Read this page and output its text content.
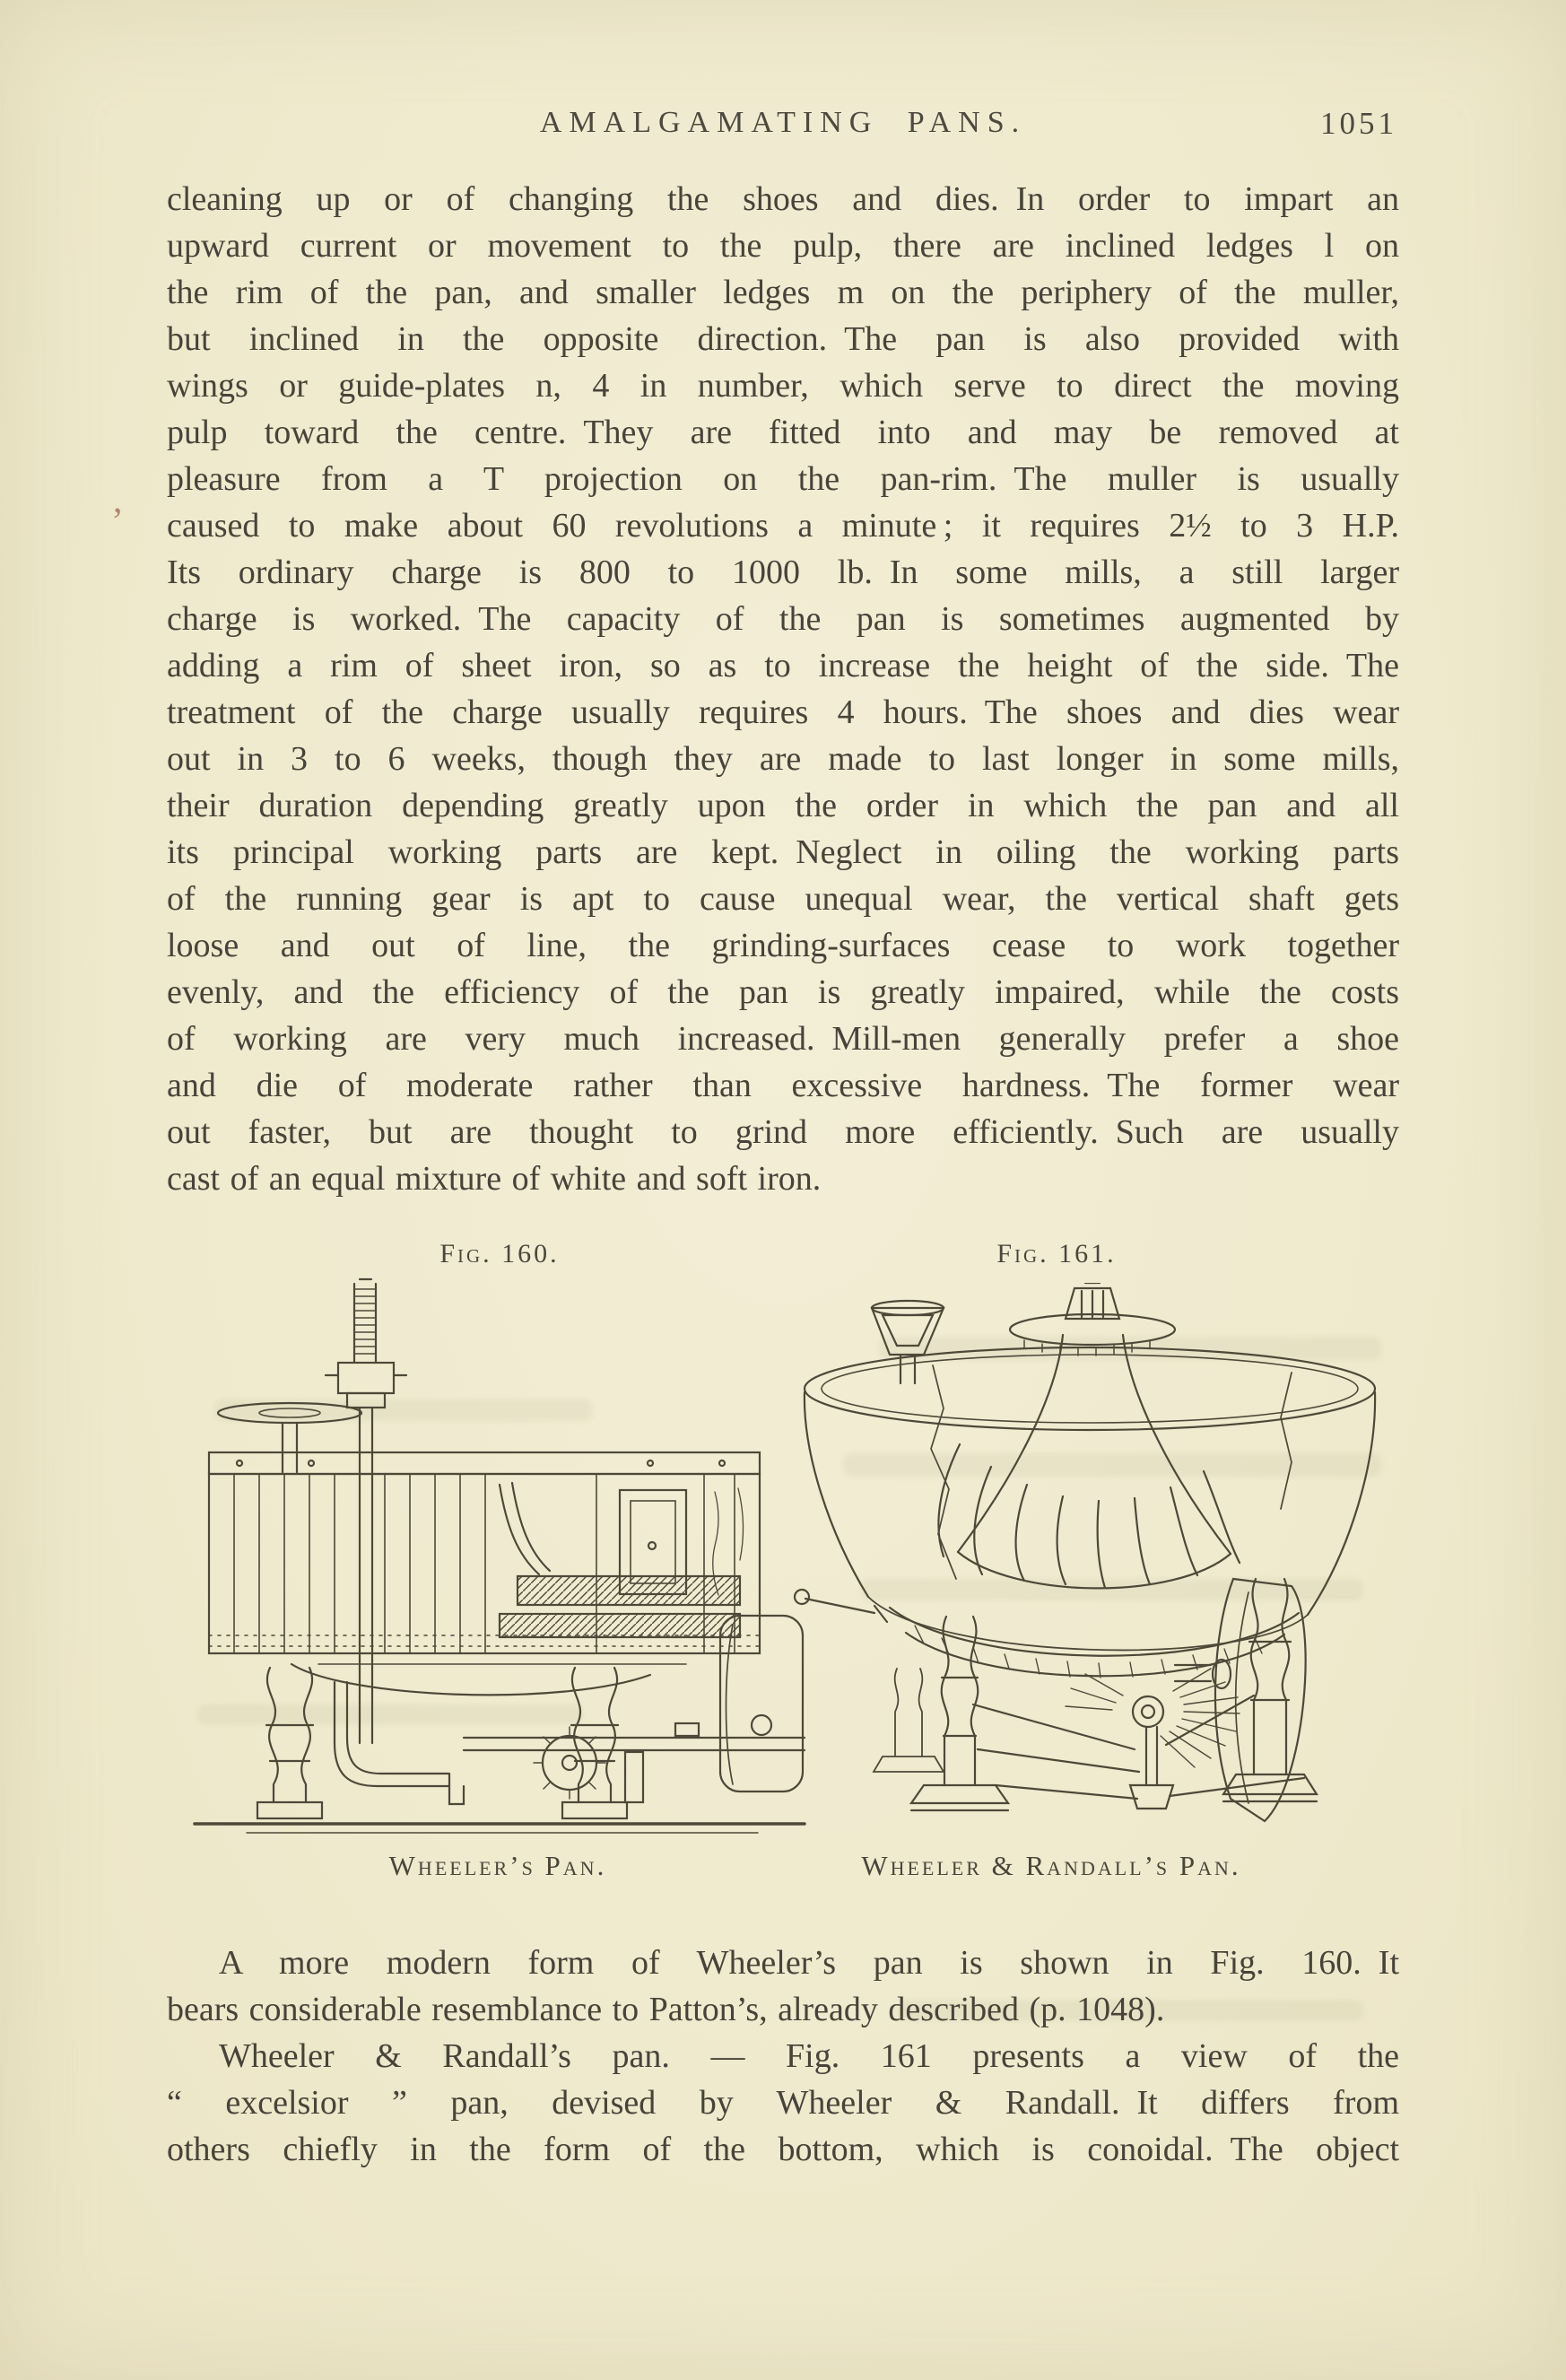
AMALGAMATING PANS.	1051
cleaning up or of changing the shoes and dies. In order to impart an
upward current or movement to the pulp, there are inclined ledges l on
the rim of the pan, and smaller ledges m on the periphery of the muller,
but inclined in the opposite direction. The pan is also provided with
wings or guide-plates n, 4 in number, which serve to direct the moving
pulp toward the centre. They are fitted into and may be removed at
pleasure from a T projection on the pan-rim. The muller is usually
caused to make about 60 revolutions a minute ; it requires 2½ to 3 H.P.
Its ordinary charge is 800 to 1000 lb. In some mills, a still larger
charge is worked. The capacity of the pan is sometimes augmented by
adding a rim of sheet iron, so as to increase the height of the side. The
treatment of the charge usually requires 4 hours. The shoes and dies wear
out in 3 to 6 weeks, though they are made to last longer in some mills,
their duration depending greatly upon the order in which the pan and all
its principal working parts are kept. Neglect in oiling the working parts
of the running gear is apt to cause unequal wear, the vertical shaft gets
loose and out of line, the grinding-surfaces cease to work together
evenly, and the efficiency of the pan is greatly impaired, while the costs
of working are very much increased. Mill-men generally prefer a shoe
and die of moderate rather than excessive hardness. The former wear
out faster, but are thought to grind more efficiently. Such are usually
cast of an equal mixture of white and soft iron.
Fig. 160.	Fig. 161.
Wheeler’s Pan.	Wheeler & Randall’s Pan.
A more modern form of Wheeler’s pan is shown in Fig. 160. It
bears considerable resemblance to Patton’s, already described (p. 1048).
Wheeler & Randall’s pan. — Fig. 161 presents a view of the
“ excelsior ” pan, devised by Wheeler & Randall. It differs from
others chiefly in the form of the bottom, which is conoidal. The object
,
